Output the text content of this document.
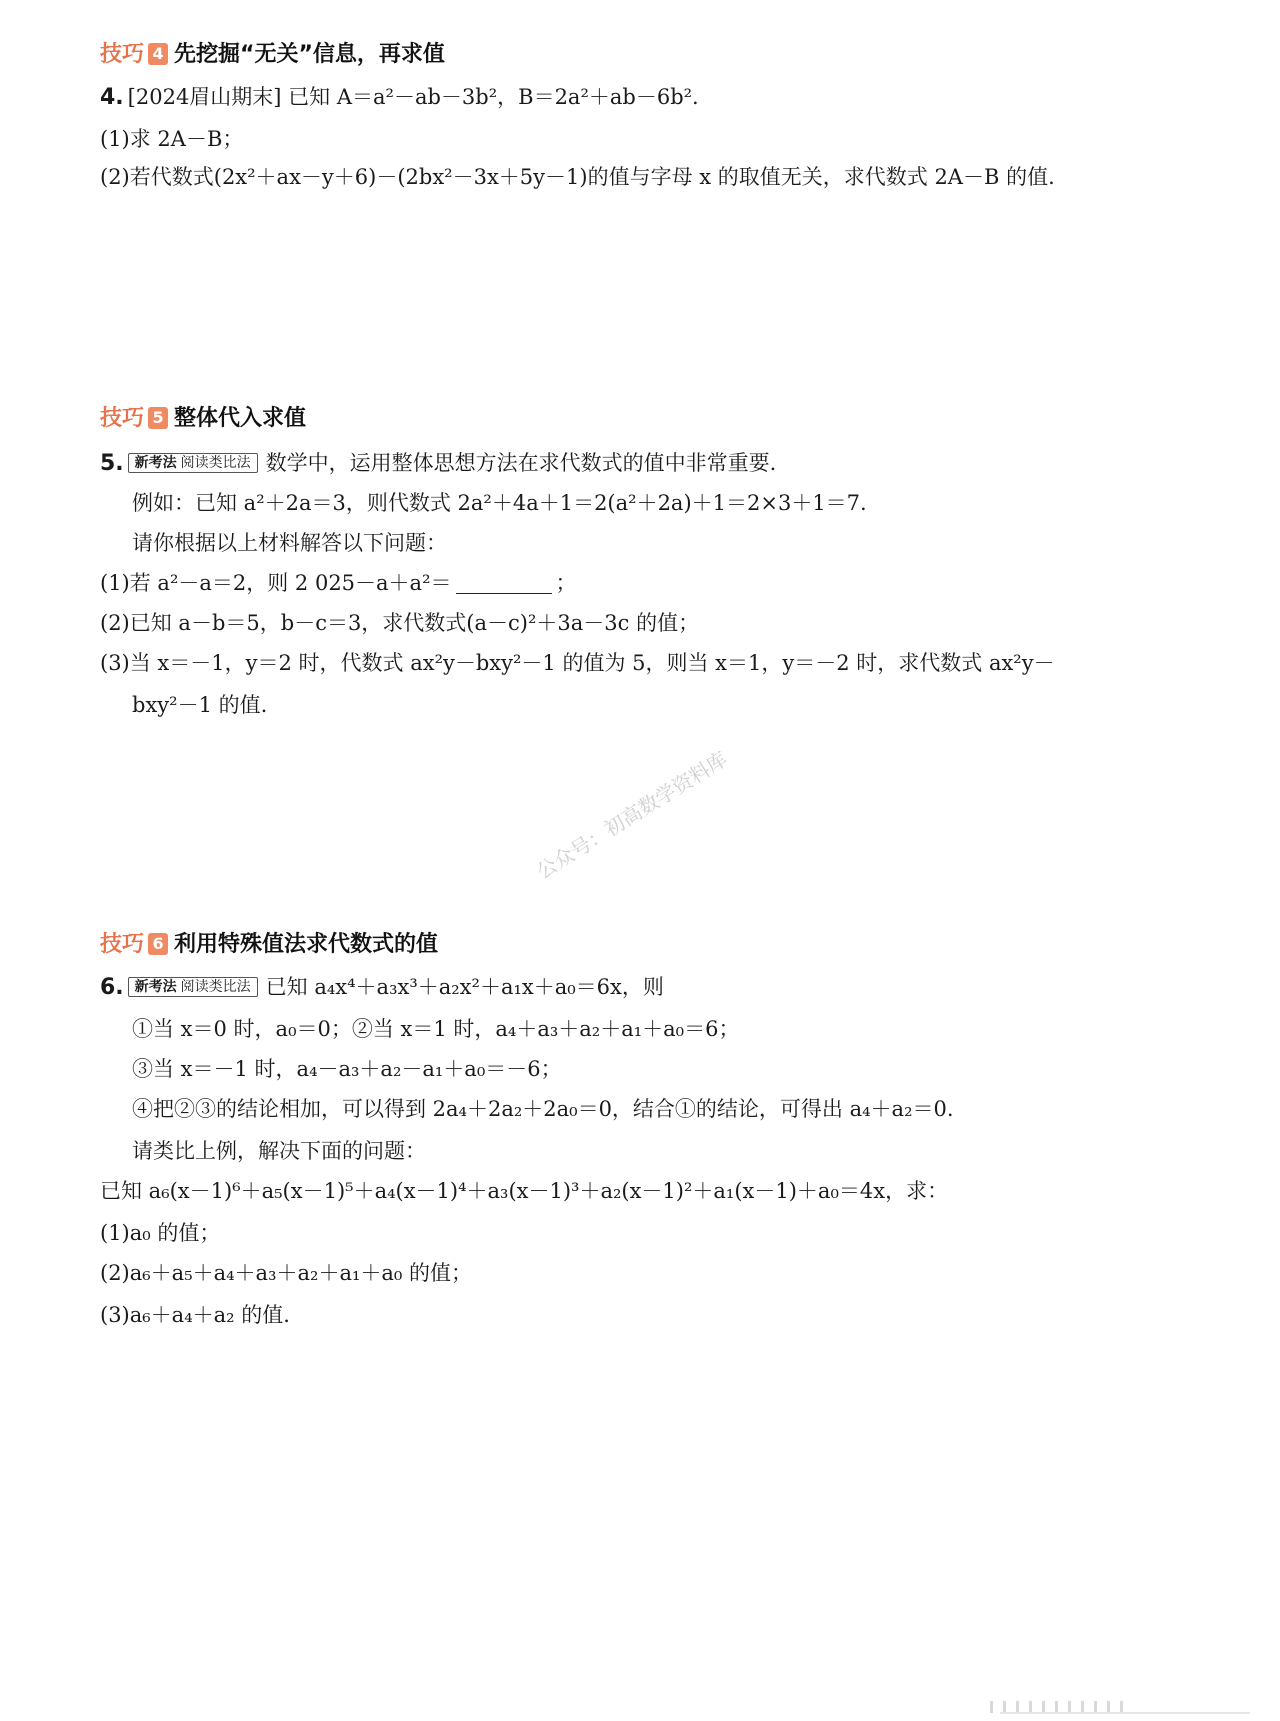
技巧 4 先挖掘“无关”信息，再求值
4. [2024眉山期末] 已知 A＝a²－ab－3b²，B＝2a²＋ab－6b².
(1)求 2A－B；
(2)若代数式(2x²＋ax－y＋6)－(2bx²－3x＋5y－1)的值与字母 x 的取值无关，求代数式 2A－B 的值.
技巧 5 整体代入求值
5. 新考法 阅读类比法 数学中，运用整体思想方法在求代数式的值中非常重要.
例如：已知 a²＋2a＝3，则代数式 2a²＋4a＋1＝2(a²＋2a)＋1＝2×3＋1＝7.
请你根据以上材料解答以下问题：
(1)若 a²－a＝2，则 2 025－a＋a²＝	；
(2)已知 a－b＝5，b－c＝3，求代数式(a－c)²＋3a－3c 的值；
(3)当 x＝－1，y＝2 时，代数式 ax²y－bxy²－1 的值为 5，则当 x＝1，y＝－2 时，求代数式 ax²y－
bxy²－1 的值.
公众号：初高数学资料库
技巧 6 利用特殊值法求代数式的值
6. 新考法 阅读类比法 已知 a₄x⁴＋a₃x³＋a₂x²＋a₁x＋a₀＝6x，则
①当 x＝0 时，a₀＝0；②当 x＝1 时，a₄＋a₃＋a₂＋a₁＋a₀＝6；
③当 x＝－1 时，a₄－a₃＋a₂－a₁＋a₀＝－6；
④把②③的结论相加，可以得到 2a₄＋2a₂＋2a₀＝0，结合①的结论，可得出 a₄＋a₂＝0.
请类比上例，解决下面的问题：
已知 a₆(x－1)⁶＋a₅(x－1)⁵＋a₄(x－1)⁴＋a₃(x－1)³＋a₂(x－1)²＋a₁(x－1)＋a₀＝4x，求：
(1)a₀ 的值；
(2)a₆＋a₅＋a₄＋a₃＋a₂＋a₁＋a₀ 的值；
(3)a₆＋a₄＋a₂ 的值.
